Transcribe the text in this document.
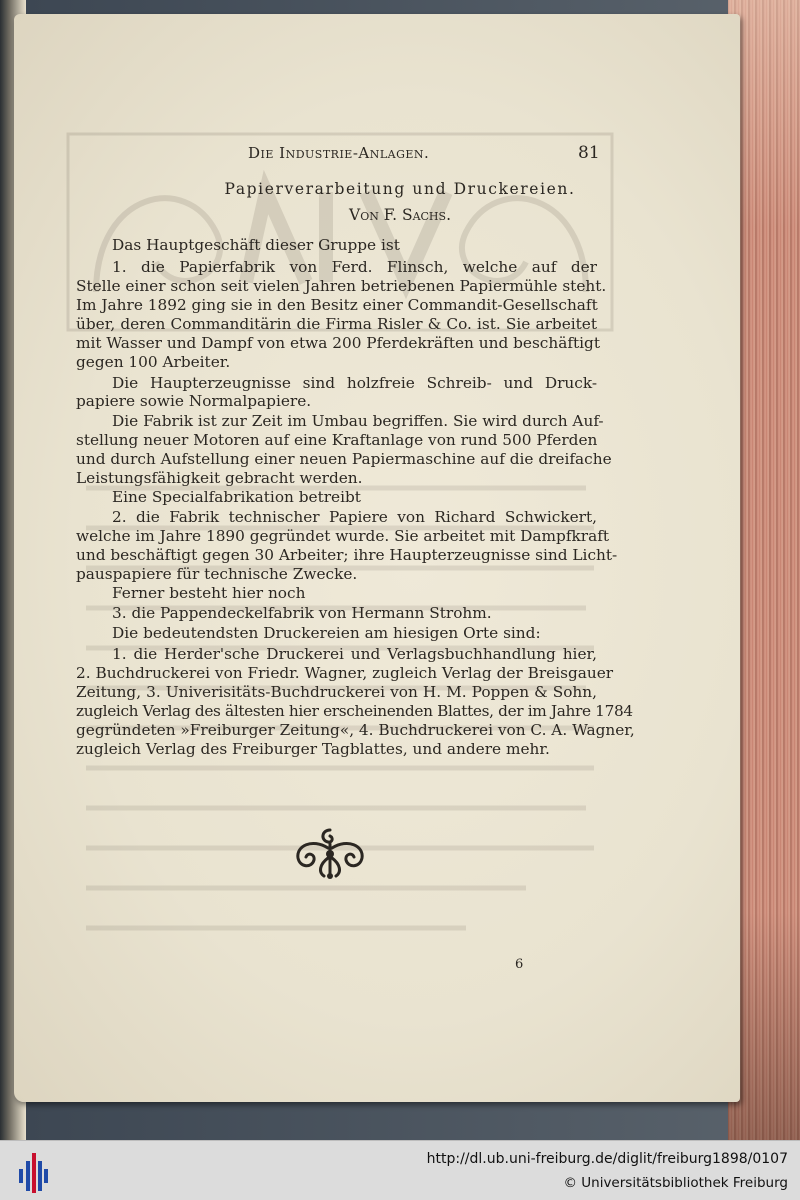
Die Industrie-Anlagen.	81
Papierverarbeitung und Druckereien.
Von F. Sachs.
Das Hauptgeschäft dieser Gruppe ist
1. die Papierfabrik von Ferd. Flinsch, welche auf der
Stelle einer schon seit vielen Jahren betriebenen Papiermühle steht.
Im Jahre 1892 ging sie in den Besitz einer Commandit-Gesellschaft
über, deren Commanditärin die Firma Risler & Co. ist. Sie arbeitet
mit Wasser und Dampf von etwa 200 Pferdekräften und beschäftigt
gegen 100 Arbeiter.
Die Haupterzeugnisse sind holzfreie Schreib- und Druck-
papiere sowie Normalpapiere.
Die Fabrik ist zur Zeit im Umbau begriffen. Sie wird durch Auf-
stellung neuer Motoren auf eine Kraftanlage von rund 500 Pferden
und durch Aufstellung einer neuen Papiermaschine auf die dreifache
Leistungsfähigkeit gebracht werden.
Eine Specialfabrikation betreibt
2. die Fabrik technischer Papiere von Richard Schwickert,
welche im Jahre 1890 gegründet wurde. Sie arbeitet mit Dampfkraft
und beschäftigt gegen 30 Arbeiter; ihre Haupterzeugnisse sind Licht-
pauspapiere für technische Zwecke.
Ferner besteht hier noch
3. die Pappendeckelfabrik von Hermann Strohm.
Die bedeutendsten Druckereien am hiesigen Orte sind:
1. die Herder'sche Druckerei und Verlagsbuchhandlung hier,
2. Buchdruckerei von Friedr. Wagner, zugleich Verlag der Breisgauer
Zeitung, 3. Univerisitäts-Buchdruckerei von H. M. Poppen & Sohn,
zugleich Verlag des ältesten hier erscheinenden Blattes, der im Jahre 1784
gegründeten »Freiburger Zeitung«, 4. Buchdruckerei von C. A. Wagner,
zugleich Verlag des Freiburger Tagblattes, und andere mehr.
6
http://dl.ub.uni-freiburg.de/diglit/freiburg1898/0107
© Universitätsbibliothek Freiburg
